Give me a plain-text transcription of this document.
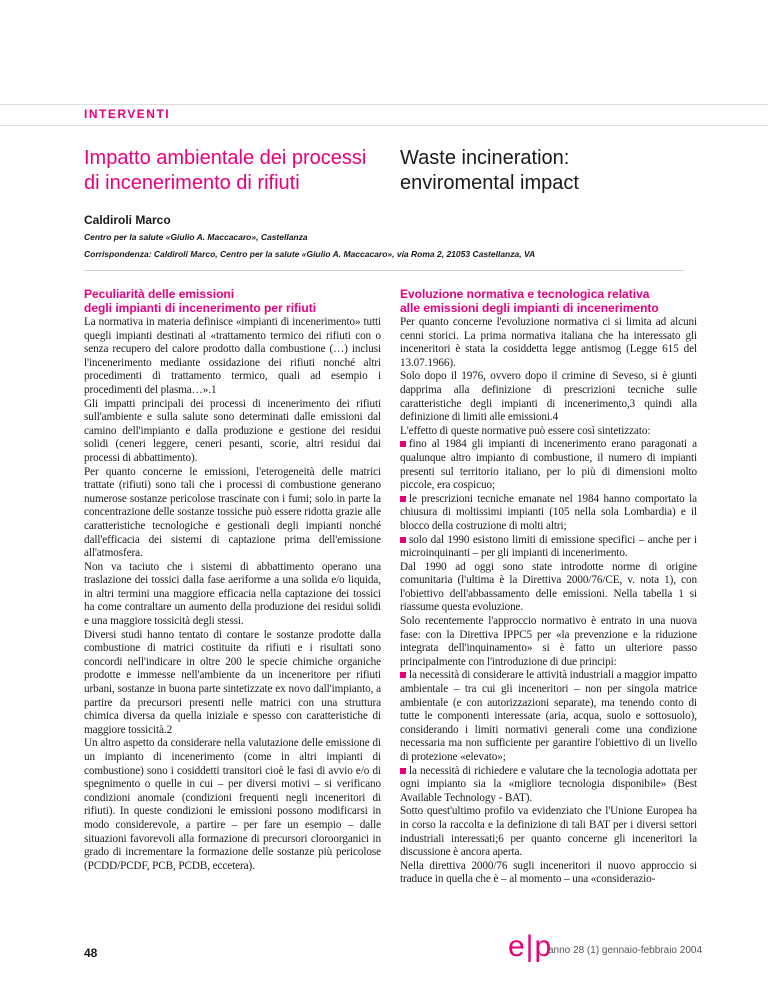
INTERVENTI
Impatto ambientale dei processi
di incenerimento di rifiuti
Waste incineration:
enviromental impact
Caldiroli Marco
Centro per la salute «Giulio A. Maccacaro», Castellanza
Corrispondenza: Caldiroli Marco, Centro per la salute «Giulio A. Maccacaro», via Roma 2, 21053 Castellanza, VA
Peculiarità delle emissioni
degli impianti di incenerimento per rifiuti

La normativa in materia definisce «impianti di incenerimento» tutti quegli impianti destinati al «trattamento termico dei rifiuti con o senza recupero del calore prodotto dalla combustione (…) inclusi l'incenerimento mediante ossidazione dei rifiuti nonché altri procedimenti di trattamento termico, quali ad esempio i procedimenti del plasma…».1

Gli impatti principali dei processi di incenerimento dei rifiuti sull'ambiente e sulla salute sono determinati dalle emissioni dal camino dell'impianto e dalla produzione e gestione dei residui solidi (ceneri leggere, ceneri pesanti, scorie, altri residui dai processi di abbattimento).

Per quanto concerne le emissioni, l'eterogeneità delle matrici trattate (rifiuti) sono tali che i processi di combustione generano numerose sostanze pericolose trascinate con i fumi; solo in parte la concentrazione delle sostanze tossiche può essere ridotta grazie alle caratteristiche tecnologiche e gestionali degli impianti nonché dall'efficacia dei sistemi di captazione prima dell'emissione all'atmosfera.

Non va taciuto che i sistemi di abbattimento operano una traslazione dei tossici dalla fase aeriforme a una solida e/o liquida, in altri termini una maggiore efficacia nella captazione dei tossici ha come contraltare un aumento della produzione dei residui solidi e una maggiore tossicità degli stessi.

Diversi studi hanno tentato di contare le sostanze prodotte dalla combustione di matrici costituite da rifiuti e i risultati sono concordi nell'indicare in oltre 200 le specie chimiche organiche prodotte e immesse nell'ambiente da un inceneritore per rifiuti urbani, sostanze in buona parte sintetizzate ex novo dall'impianto, a partire da precursori presenti nelle matrici con una struttura chimica diversa da quella iniziale e spesso con caratteristiche di maggiore tossicità.2

Un altro aspetto da considerare nella valutazione delle emissione di un impianto di incenerimento (come in altri impianti di combustione) sono i cosiddetti transitori cioè le fasi di avvio e/o di spegnimento o quelle in cui – per diversi motivi – si verificano condizioni anomale (condizioni frequenti negli inceneritori di rifiuti). In queste condizioni le emissioni possono modificarsi in modo considerevole, a partire – per fare un esempio – dalle situazioni favorevoli alla formazione di precursori cloroorganici in grado di incrementare la formazione delle sostanze più pericolose (PCDD/PCDF, PCB, PCDB, eccetera).

Evoluzione normativa e tecnologica relativa
alle emissioni degli impianti di incenerimento

Per quanto concerne l'evoluzione normativa ci si limita ad alcuni cenni storici. La prima normativa italiana che ha interessato gli inceneritori è stata la cosiddetta legge antismog (Legge 615 del 13.07.1966).

Solo dopo il 1976, ovvero dopo il crimine di Seveso, si è giunti dapprima alla definizione di prescrizioni tecniche sulle caratteristiche degli impianti di incenerimento,3 quindi alla definizione di limiti alle emissioni.4

L'effetto di queste normative può essere così sintetizzato:

fino al 1984 gli impianti di incenerimento erano paragonati a qualunque altro impianto di combustione, il numero di impianti presenti sul territorio italiano, per lo più di dimensioni molto piccole, era cospicuo;

le prescrizioni tecniche emanate nel 1984 hanno comportato la chiusura di moltissimi impianti (105 nella sola Lombardia) e il blocco della costruzione di molti altri;

solo dal 1990 esistono limiti di emissione specifici – anche per i microinquinanti – per gli impianti di incenerimento.

Dal 1990 ad oggi sono state introdotte norme di origine comunitaria (l'ultima è la Direttiva 2000/76/CE, v. nota 1), con l'obiettivo dell'abbassamento delle emissioni. Nella tabella 1 si riassume questa evoluzione.

Solo recentemente l'approccio normativo è entrato in una nuova fase: con la Direttiva IPPC5 per «la prevenzione e la riduzione integrata dell'inquinamento» si è fatto un ulteriore passo principalmente con l'introduzione di due principi:

la necessità di considerare le attività industriali a maggior impatto ambientale – tra cui gli inceneritori – non per singola matrice ambientale (e con autorizzazioni separate), ma tenendo conto di tutte le componenti interessate (aria, acqua, suolo e sottosuolo), considerando i limiti normativi generali come una condizione necessaria ma non sufficiente per garantire l'obiettivo di un livello di protezione «elevato»;

la necessità di richiedere e valutare che la tecnologia adottata per ogni impianto sia la «migliore tecnologia disponibile» (Best Available Technology - BAT).

Sotto quest'ultimo profilo va evidenziato che l'Unione Europea ha in corso la raccolta e la definizione di tali BAT per i diversi settori industriali interessati;6 per quanto concerne gli inceneritori la discussione è ancora aperta.

Nella direttiva 2000/76 sugli inceneritori il nuovo approccio si traduce in quella che è – al momento – una «considerazio-

48	e|p
anno 28 (1) gennaio-febbraio 2004
